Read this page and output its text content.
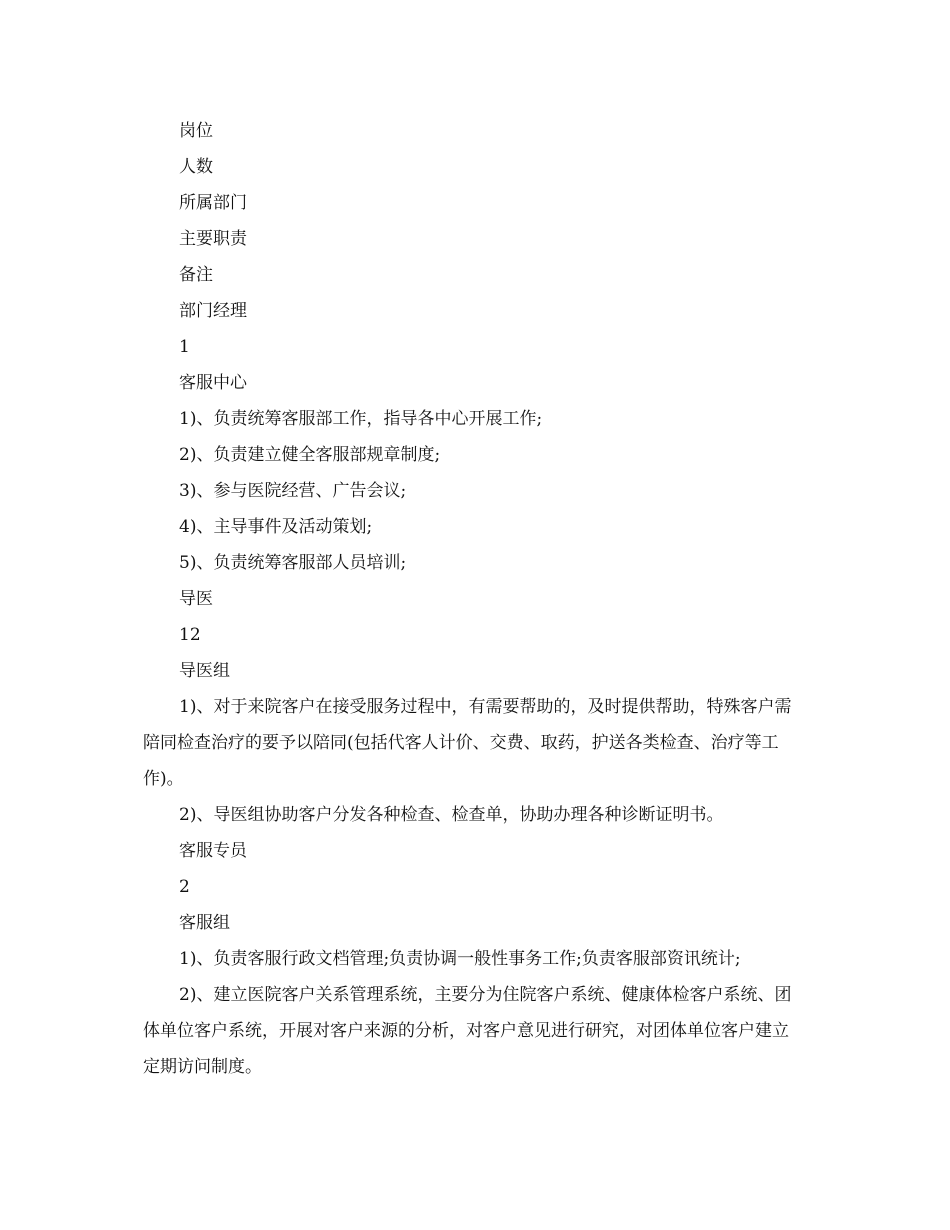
岗位

人数

所属部门

主要职责

备注

部门经理

1

客服中心

1)、负责统筹客服部工作，指导各中心开展工作;

2)、负责建立健全客服部规章制度;

3)、参与医院经营、广告会议;

4)、主导事件及活动策划;

5)、负责统筹客服部人员培训;

导医

12

导医组

1)、对于来院客户在接受服务过程中，有需要帮助的，及时提供帮助，特殊客户需陪同检查治疗的要予以陪同(包括代客人计价、交费、取药，护送各类检查、治疗等工作)。

2)、导医组协助客户分发各种检查、检查单，协助办理各种诊断证明书。

客服专员

2

客服组

1)、负责客服行政文档管理;负责协调一般性事务工作;负责客服部资讯统计;

2)、建立医院客户关系管理系统，主要分为住院客户系统、健康体检客户系统、团体单位客户系统，开展对客户来源的分析，对客户意见进行研究，对团体单位客户建立定期访问制度。
